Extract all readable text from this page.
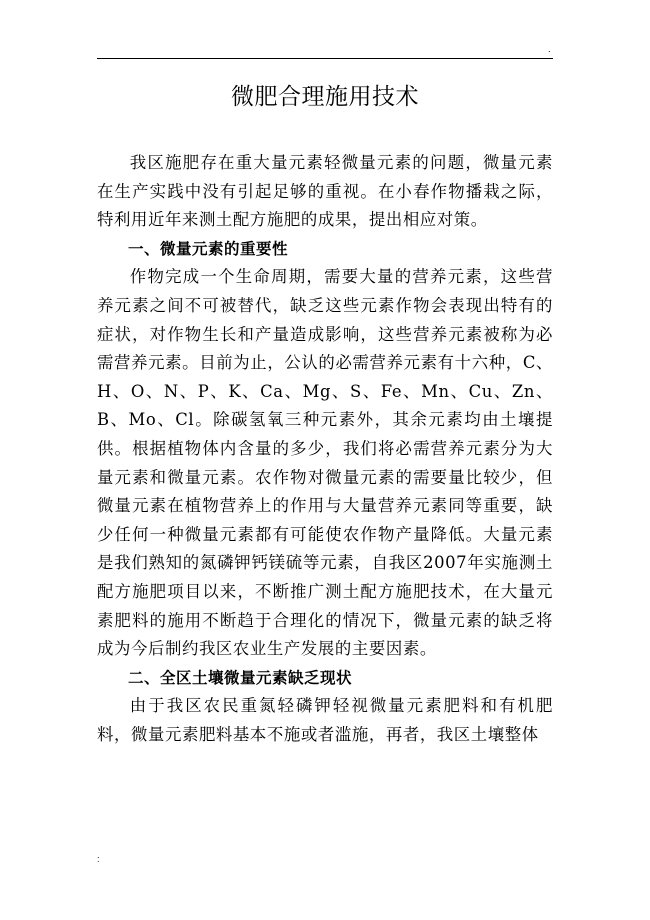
.
微肥合理施用技术

我区施肥存在重大量元素轻微量元素的问题，微量元素在生产实践中没有引起足够的重视。在小春作物播栽之际，特利用近年来测土配方施肥的成果，提出相应对策。

一、微量元素的重要性

作物完成一个生命周期，需要大量的营养元素，这些营养元素之间不可被替代，缺乏这些元素作物会表现出特有的症状，对作物生长和产量造成影响，这些营养元素被称为必需营养元素。目前为止，公认的必需营养元素有十六种，C、H、O、N、P、K、Ca、Mg、S、Fe、Mn、Cu、Zn、B、Mo、Cl。除碳氢氧三种元素外，其余元素均由土壤提供。根据植物体内含量的多少，我们将必需营养元素分为大量元素和微量元素。农作物对微量元素的需要量比较少，但微量元素在植物营养上的作用与大量营养元素同等重要，缺少任何一种微量元素都有可能使农作物产量降低。大量元素是我们熟知的氮磷钾钙镁硫等元素，自我区2007年实施测土配方施肥项目以来，不断推广测土配方施肥技术，在大量元素肥料的施用不断趋于合理化的情况下，微量元素的缺乏将成为今后制约我区农业生产发展的主要因素。

二、全区土壤微量元素缺乏现状

由于我区农民重氮轻磷钾轻视微量元素肥料和有机肥料，微量元素肥料基本不施或者滥施，再者，我区土壤整体

:
